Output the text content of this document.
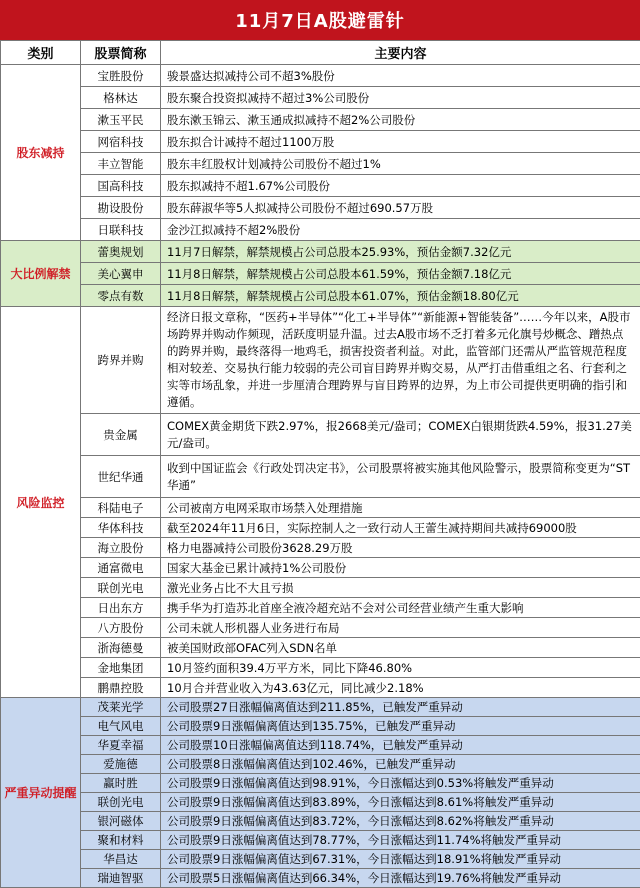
11月7日A股避雷针
类别	股票简称	主要内容
股东减持	宝胜股份	骏景盛达拟减持公司不超3%股份
	格林达	股东聚合投资拟减持不超过3%公司股份
	漱玉平民	股东漱玉锦云、漱玉通成拟减持不超2%公司股份
	网宿科技	股东拟合计减持不超过1100万股
	丰立智能	股东丰红股权计划减持公司股份不超过1%
	国高科技	股东拟减持不超1.67%公司股份
	勘设股份	股东薛淑华等5人拟减持公司股份不超过690.57万股
	日联科技	金沙江拟减持不超2%股份
大比例解禁	蕾奥规划	11月7日解禁，解禁规模占公司总股本25.93%，预估金额7.32亿元
	美心翼申	11月8日解禁，解禁规模占公司总股本61.59%，预估金额7.18亿元
	零点有数	11月8日解禁，解禁规模占公司总股本61.07%，预估金额18.80亿元
风险监控	跨界并购	经济日报文章称，“医药+半导体”“化工+半导体”“新能源+智能装备”……今年以来，A股市场跨界并购动作频现，活跃度明显升温。过去A股市场不乏打着多元化旗号炒概念、蹭热点的跨界并购，最终落得一地鸡毛，损害投资者利益。对此，监管部门还需从严监管规范程度相对较差、交易执行能力较弱的壳公司盲目跨界并购交易，从严打击借重组之名、行套利之实等市场乱象，并进一步厘清合理跨界与盲目跨界的边界，为上市公司提供更明确的指引和遵循。
	贵金属	COMEX黄金期货下跌2.97%，报2668美元/盎司；COMEX白银期货跌4.59%，报31.27美元/盎司。
	世纪华通	收到中国证监会《行政处罚决定书》，公司股票将被实施其他风险警示，股票简称变更为“ST华通”
	科陆电子	公司被南方电网采取市场禁入处理措施
	华体科技	截至2024年11月6日，实际控制人之一致行动人王蕾生减持期间共减持69000股
	海立股份	格力电器减持公司股份3628.29万股
	通富微电	国家大基金已累计减持1%公司股份
	联创光电	激光业务占比不大且亏损
	日出东方	携手华为打造苏北首座全液冷超充站不会对公司经营业绩产生重大影响
	八方股份	公司未就人形机器人业务进行布局
	浙海德曼	被美国财政部OFAC列入SDN名单
	金地集团	10月签约面积39.4万平方米，同比下降46.80%
	鹏鼎控股	10月合并营业收入为43.63亿元，同比减少2.18%
严重异动提醒	茂莱光学	公司股票27日涨幅偏离值达到211.85%，已触发严重异动
	电气风电	公司股票9日涨幅偏离值达到135.75%，已触发严重异动
	华夏幸福	公司股票10日涨幅偏离值达到118.74%，已触发严重异动
	爱施德	公司股票8日涨幅偏离值达到102.46%，已触发严重异动
	赢时胜	公司股票9日涨幅偏离值达到98.91%，今日涨幅达到0.53%将触发严重异动
	联创光电	公司股票9日涨幅偏离值达到83.89%，今日涨幅达到8.61%将触发严重异动
	银河磁体	公司股票9日涨幅偏离值达到83.72%，今日涨幅达到8.62%将触发严重异动
	聚和材料	公司股票9日涨幅偏离值达到78.77%，今日涨幅达到11.74%将触发严重异动
	华昌达	公司股票9日涨幅偏离值达到67.31%，今日涨幅达到18.91%将触发严重异动
	瑞迪智驱	公司股票5日涨幅偏离值达到66.34%，今日涨幅达到19.76%将触发严重异动
